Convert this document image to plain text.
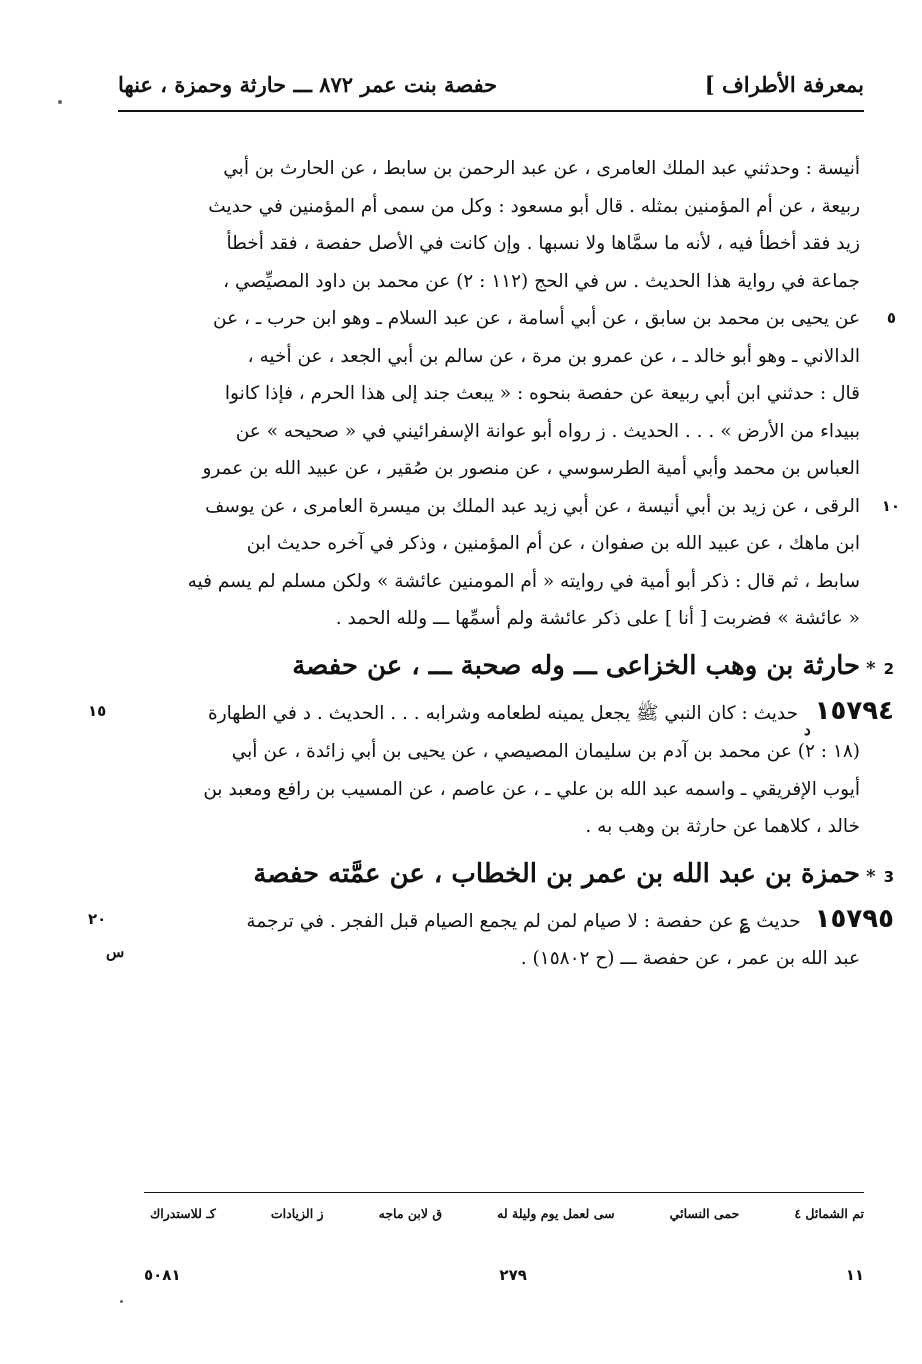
بمعرفة الأطراف ]
حفصة بنت عمر ٨٧٢ ـــ حارثة وحمزة ، عنها
أنيسة : وحدثني عبد الملك العامرى ، عن عبد الرحمن بن سابط ، عن الحارث بن أبي
ربيعة ، عن أم المؤمنين بمثله . قال أبو مسعود : وكل من سمى أم المؤمنين في حديث
زيد فقد أخطأ فيه ، لأنه ما سمَّاها ولا نسبها . وإن كانت في الأصل حفصة ، فقد أخطأ
جماعة في رواية هذا الحديث . س في الحج (١١٢ : ٢) عن محمد بن داود المصيِّصي ،
عن يحيى بن محمد بن سابق ، عن أبي أسامة ، عن عبد السلام ـ وهو ابن حرب ـ ، عن ٥
الدالاني ـ وهو أبو خالد ـ ، عن عمرو بن مرة ، عن سالم بن أبي الجعد ، عن أخيه ،
قال : حدثني ابن أبي ربيعة عن حفصة بنحوه : « يبعث جند إلى هذا الحرم ، فإذا كانوا
ببيداء من الأرض » . . . الحديث . ز رواه أبو عوانة الإسفرائيني في « صحيحه » عن
العباس بن محمد وأبي أمية الطرسوسي ، عن منصور بن صُقير ، عن عبيد الله بن عمرو
الرقى ، عن زيد بن أبي أنيسة ، عن أبي زيد عبد الملك بن ميسرة العامرى ، عن يوسف ١٠
ابن ماهك ، عن عبيد الله بن صفوان ، عن أم المؤمنين ، وذكر في آخره حديث ابن
سابط ، ثم قال : ذكر أبو أمية في روايته « أم المومنين عائشة » ولكن مسلم لم يسم فيه
« عائشة » فضربت [ أنا ] على ذكر عائشة ولم أسمِّها ـــ ولله الحمد .
2*حارثة بن وهب الخزاعى ـــ وله صحبة ـــ ، عن حفصة
$١٥٧٩٤_د$ حديث : كان النبي ﷺ يجعل يمينه لطعامه وشرابه . . . الحديث . د في الطهارة
١٥
(١٨ : ٢) عن محمد بن آدم بن سليمان المصيصي ، عن يحيى بن أبي زائدة ، عن أبي
أيوب الإفريقي ـ واسمه عبد الله بن علي ـ ، عن عاصم ، عن المسيب بن رافع ومعبد بن
خالد ، كلاهما عن حارثة بن وهب به .
3*حمزة بن عبد الله بن عمر بن الخطاب ، عن عمَّته حفصة
١٥٧٩٥ حديث ؏ عن حفصة : لا صيام لمن لم يجمع الصيام قبل الفجر . في ترجمة
٢٠
عبد الله بن عمر ، عن حفصة ـــ (ح ١٥٨٠٢) .
س
تم الشمائل ٤
حمى النسائي
سى لعمل يوم وليلة له
ق لابن ماجه
ز الزيادات
كـ للاستدراك
١١
٢٧٩
٥٠٨١
